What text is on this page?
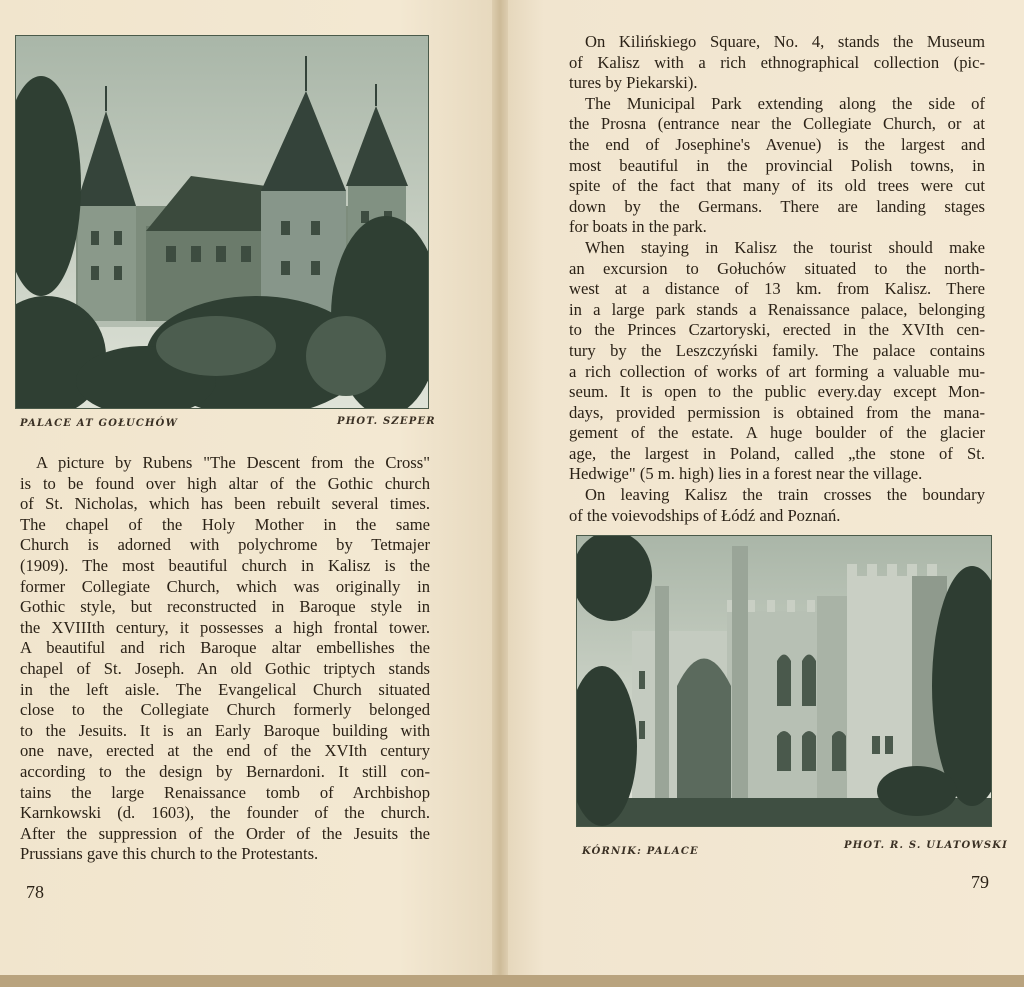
PALACE AT GOŁUCHÓW	PHOT. SZEPER
A picture by Rubens "The Descent from the Cross"
is to be found over high altar of the Gothic church
of St. Nicholas, which has been rebuilt several times.
The chapel of the Holy Mother in the same
Church is adorned with polychrome by Tetmajer
(1909). The most beautiful church in Kalisz is the
former Collegiate Church, which was originally in
Gothic style, but reconstructed in Baroque style in
the XVIIIth century, it possesses a high frontal tower.
A beautiful and rich Baroque altar embellishes the
chapel of St. Joseph. An old Gothic triptych stands
in the left aisle. The Evangelical Church situated
close to the Collegiate Church formerly belonged
to the Jesuits. It is an Early Baroque building with
one nave, erected at the end of the XVIth century
according to the design by Bernardoni. It still con-
tains the large Renaissance tomb of Archbishop
Karnkowski (d. 1603), the founder of the church.
After the suppression of the Order of the Jesuits the
Prussians gave this church to the Protestants.
78
On Kilińskiego Square, No. 4, stands the Museum
of Kalisz with a rich ethnographical collection (pic-
tures by Piekarski).
The Municipal Park extending along the side of
the Prosna (entrance near the Collegiate Church, or at
the end of Josephine's Avenue) is the largest and
most beautiful in the provincial Polish towns, in
spite of the fact that many of its old trees were cut
down by the Germans. There are landing stages
for boats in the park.
When staying in Kalisz the tourist should make
an excursion to Gołuchów situated to the north-
west at a distance of 13 km. from Kalisz. There
in a large park stands a Renaissance palace, belonging
to the Princes Czartoryski, erected in the XVIth cen-
tury by the Leszczyński family. The palace contains
a rich collection of works of art forming a valuable mu-
seum. It is open to the public every.day except Mon-
days, provided permission is obtained from the mana-
gement of the estate. A huge boulder of the glacier
age, the largest in Poland, called „the stone of St.
Hedwige" (5 m. high) lies in a forest near the village.
On leaving Kalisz the train crosses the boundary
of the voievodships of Łódź and Poznań.
KÓRNIK: PALACE
PHOT. R. S. ULATOWSKI
79
